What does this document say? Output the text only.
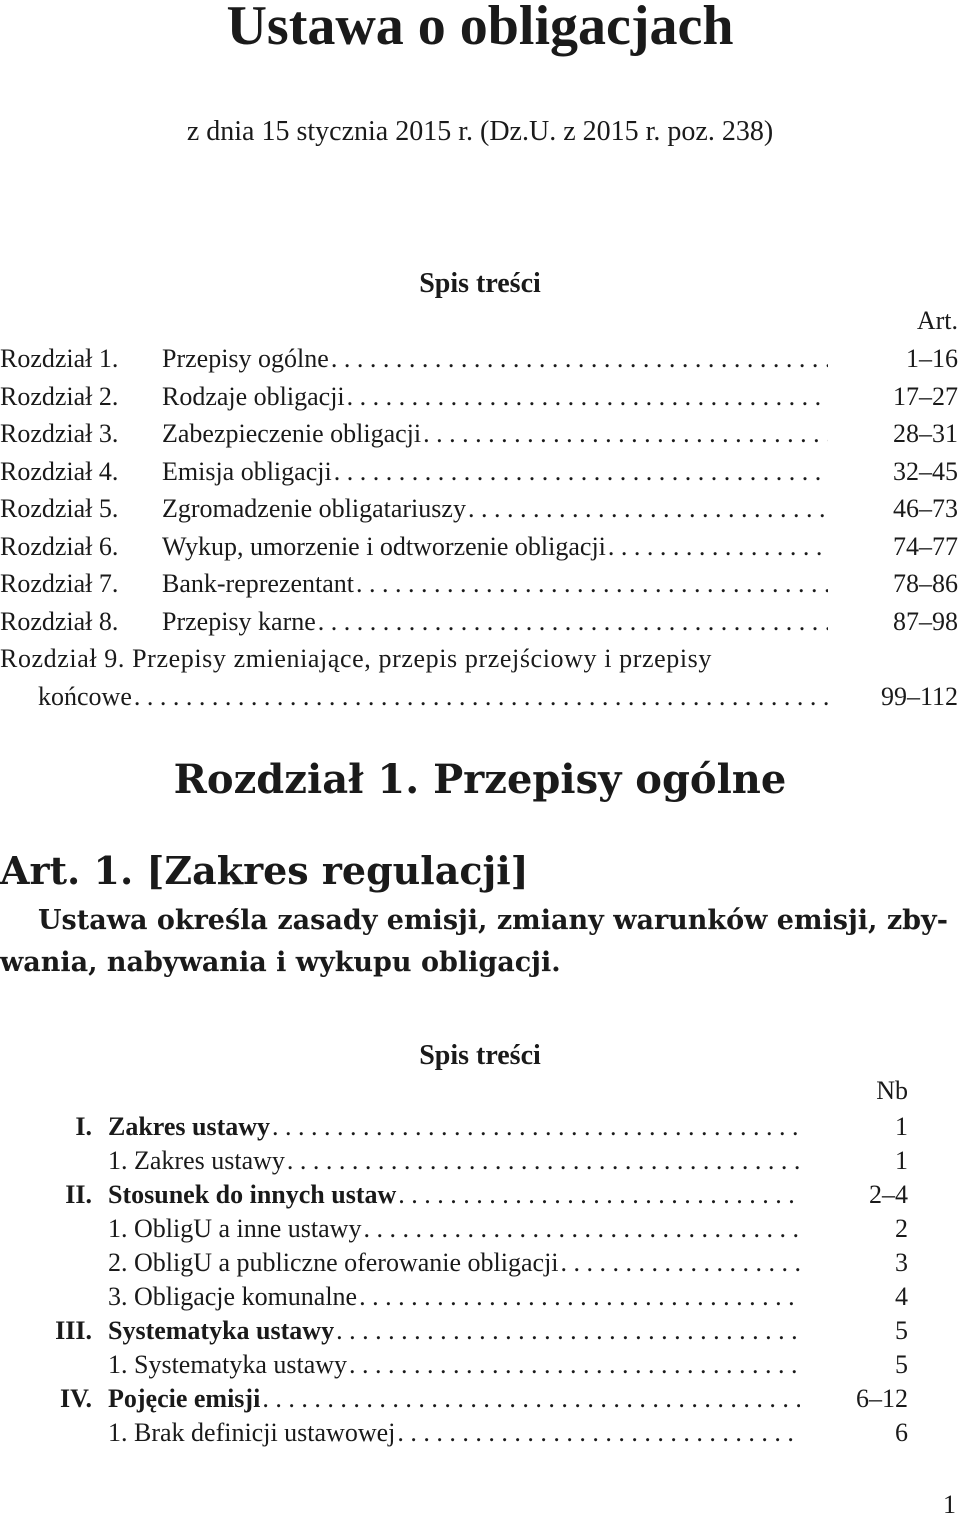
Ustawa o obligacjach
z dnia 15 stycznia 2015 r. (Dz.U. z 2015 r. poz. 238)
Spis treści
Art.
Rozdział 1.	Przepisy ogólne . . .	1–16
Rozdział 2.	Rodzaje obligacji . . .	17–27
Rozdział 3.	Zabezpieczenie obligacji . . .	28–31
Rozdział 4.	Emisja obligacji . . .	32–45
Rozdział 5.	Zgromadzenie obligatariuszy . . .	46–73
Rozdział 6.	Wykup, umorzenie i odtworzenie obligacji . . .	74–77
Rozdział 7.	Bank-reprezentant . . .	78–86
Rozdział 8.	Przepisy karne . . .	87–98
Rozdział 9. Przepisy zmieniające, przepis przejściowy i przepisy
końcowe . . .	99–112
Rozdział 1. Przepisy ogólne
Art. 1. [Zakres regulacji]

Ustawa określa zasady emisji, zmiany warunków emisji, zby-
wania, nabywania i wykupu obligacji.

Spis treści
Nb
I. Zakres ustawy . . .	1
1. Zakres ustawy . . .	1
II. Stosunek do innych ustaw . . .	2–4
1. ObligU a inne ustawy . . .	2
2. ObligU a publiczne oferowanie obligacji . . .	3
3. Obligacje komunalne . . .	4
III. Systematyka ustawy . . .	5
1. Systematyka ustawy . . .	5
IV. Pojęcie emisji . . .	6–12
1. Brak definicji ustawowej . . .	6
1
